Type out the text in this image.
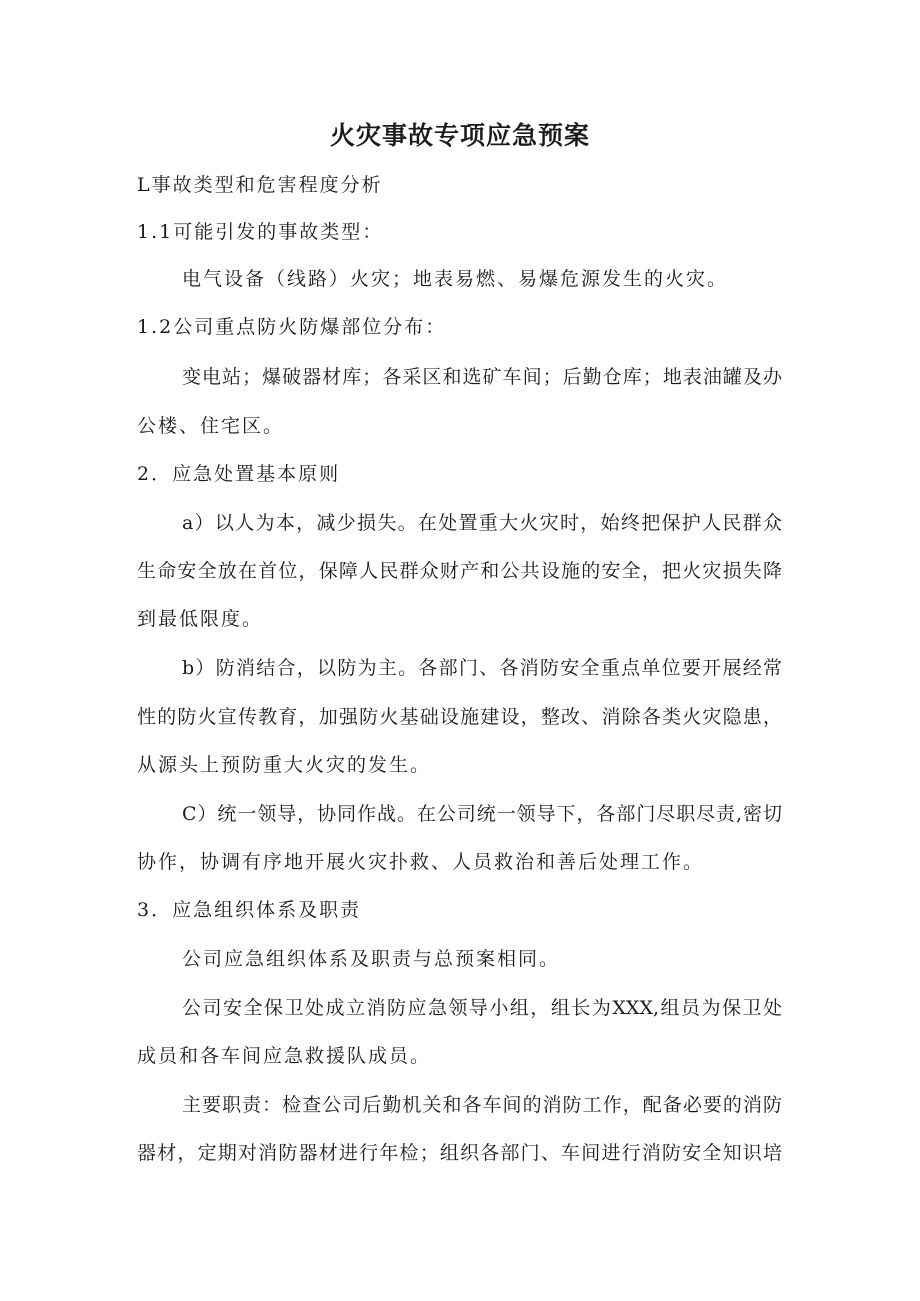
火灾事故专项应急预案
L事故类型和危害程度分析
1.1可能引发的事故类型：
电气设备（线路）火灾；地表易燃、易爆危源发生的火灾。
1.2公司重点防火防爆部位分布：
变电站；爆破器材库；各采区和选矿车间；后勤仓库；地表油罐及办
公楼、住宅区。
2．应急处置基本原则
a）以人为本，减少损失。在处置重大火灾时，始终把保护人民群众
生命安全放在首位，保障人民群众财产和公共设施的安全，把火灾损失降
到最低限度。
b）防消结合，以防为主。各部门、各消防安全重点单位要开展经常
性的防火宣传教育，加强防火基础设施建设，整改、消除各类火灾隐患，
从源头上预防重大火灾的发生。
C）统一领导，协同作战。在公司统一领导下，各部门尽职尽责,密切
协作，协调有序地开展火灾扑救、人员救治和善后处理工作。
3．应急组织体系及职责
公司应急组织体系及职责与总预案相同。
公司安全保卫处成立消防应急领导小组，组长为XXX,组员为保卫处
成员和各车间应急救援队成员。
主要职责：检查公司后勤机关和各车间的消防工作，配备必要的消防
器材，定期对消防器材进行年检；组织各部门、车间进行消防安全知识培
